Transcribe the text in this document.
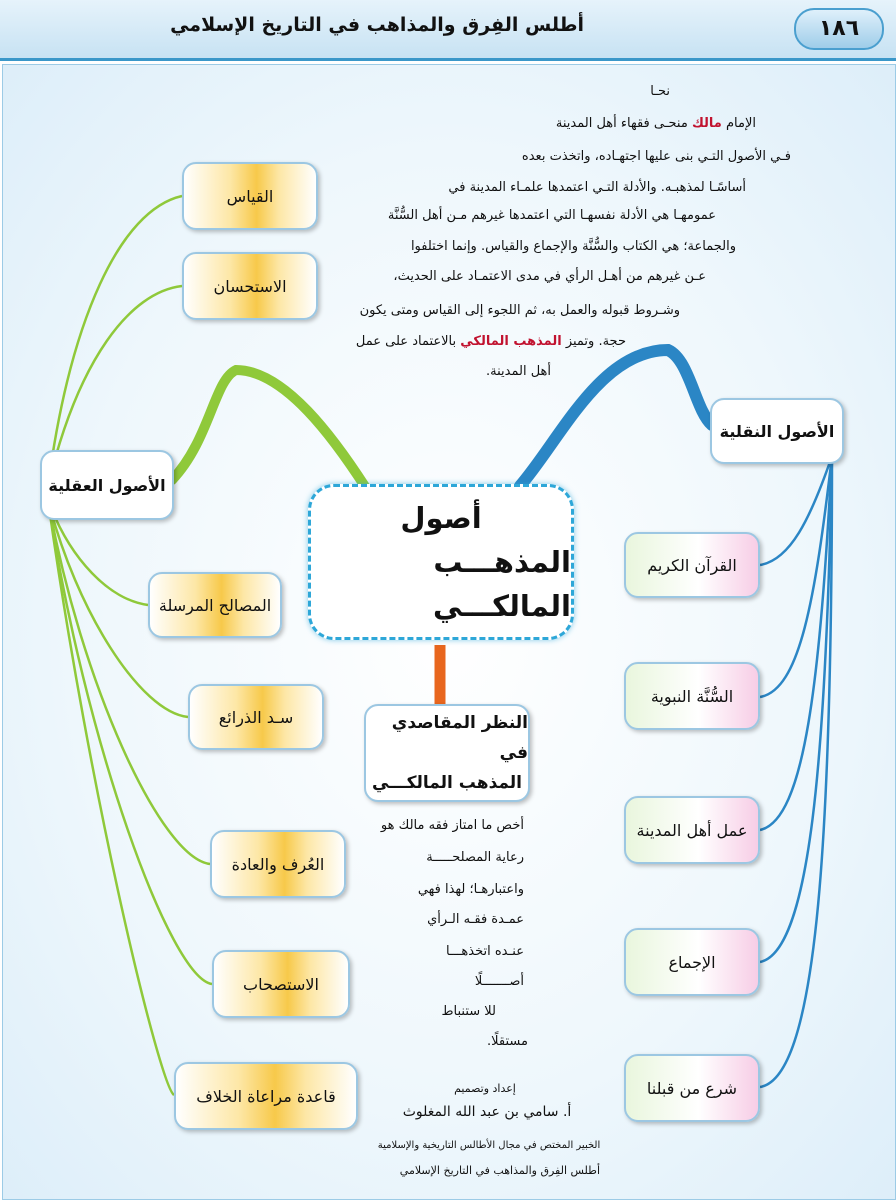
أطلس الفِرق والمذاهب في التاريخ الإسلامي	١٨٦
الأصول العقلية
القياس
الاستحسان
المصالح المرسلة
سـد الذرائع
العُرف والعادة
الاستصحاب
قاعدة مراعاة الخلاف
الأصول النقلية
القرآن الكريم
السُّنَّة النبوية
عمل أهل المدينة
الإجماع
شرع من قبلنا
أصول
المذهـــب المالكـــي
النظر المقاصدي في
المذهب المالكـــي
نحـا
الإمام مالك منحـى فقهاء أهل المدينة
فـي الأصول التـي بنى عليها اجتهـاده، واتخذت بعده
أساسًـا لمذهبـه. والأدلة التـي اعتمدها علمـاء المدينة في
عمومهـا هي الأدلة نفسهـا التي اعتمدها غيرهم مـن أهل السُّنَّة
والجماعة؛ هي الكتاب والسُّنَّة والإجماع والقياس. وإنما اختلفوا
عـن غيرهم من أهـل الرأي في مدى الاعتمـاد على الحديث،
وشـروط قبوله والعمل به، ثم اللجوء إلى القياس ومتى يكون
حجة. وتميز المذهب المالكي بالاعتماد على عمل
أهل المدينة.
أخص ما امتاز فقه مالك هو
رعاية المصلحـــــة
واعتبارهـا؛ لهذا فهي
عمـدة فقـه الـرأي
عنـده اتخذهـــا
أصـــــــلًا
للا ستنباط
مستقلًا.
إعداد وتصميم
أ. سامي بن عبد الله المغلوث
الخبير المختص في مجال الأطالس التاريخية والإسلامية
أطلس الفِرق والمذاهب في التاريخ الإسلامي
